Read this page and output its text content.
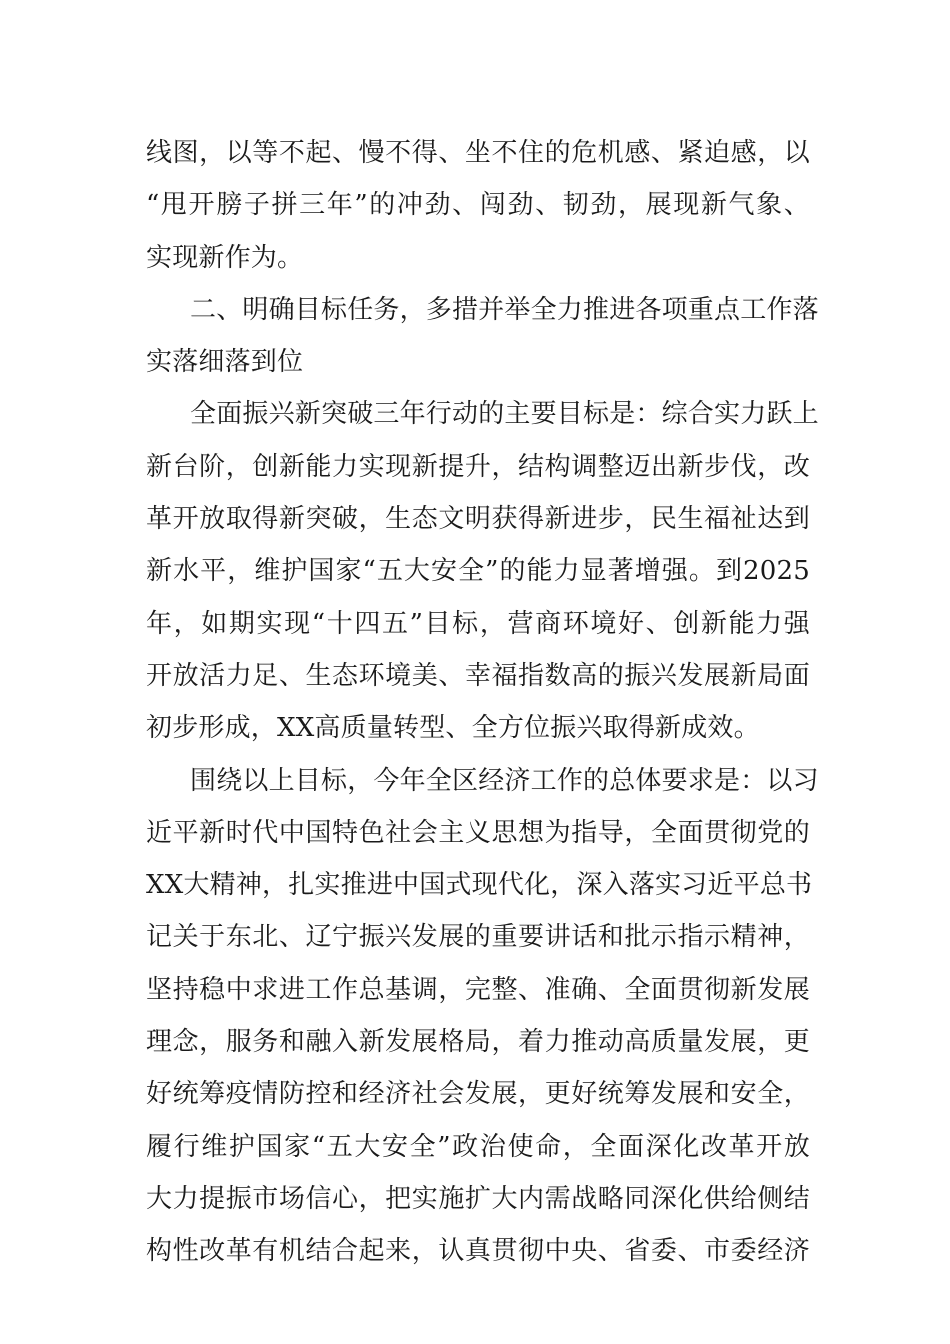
线图，以等不起、慢不得、坐不住的危机感、紧迫感，以
“甩开膀子拼三年”的冲劲、闯劲、韧劲，展现新气象、
实现新作为。
二、明确目标任务，多措并举全力推进各项重点工作落
实落细落到位
全面振兴新突破三年行动的主要目标是：综合实力跃上
新台阶，创新能力实现新提升，结构调整迈出新步伐，改
革开放取得新突破，生态文明获得新进步，民生福祉达到
新水平，维护国家“五大安全”的能力显著增强。到2025
年，如期实现“十四五”目标，营商环境好、创新能力强
开放活力足、生态环境美、幸福指数高的振兴发展新局面
初步形成，XX高质量转型、全方位振兴取得新成效。
围绕以上目标，今年全区经济工作的总体要求是：以习
近平新时代中国特色社会主义思想为指导，全面贯彻党的
XX大精神，扎实推进中国式现代化，深入落实习近平总书
记关于东北、辽宁振兴发展的重要讲话和批示指示精神，
坚持稳中求进工作总基调，完整、准确、全面贯彻新发展
理念，服务和融入新发展格局，着力推动高质量发展，更
好统筹疫情防控和经济社会发展，更好统筹发展和安全，
履行维护国家“五大安全”政治使命，全面深化改革开放
大力提振市场信心，把实施扩大内需战略同深化供给侧结
构性改革有机结合起来，认真贯彻中央、省委、市委经济
